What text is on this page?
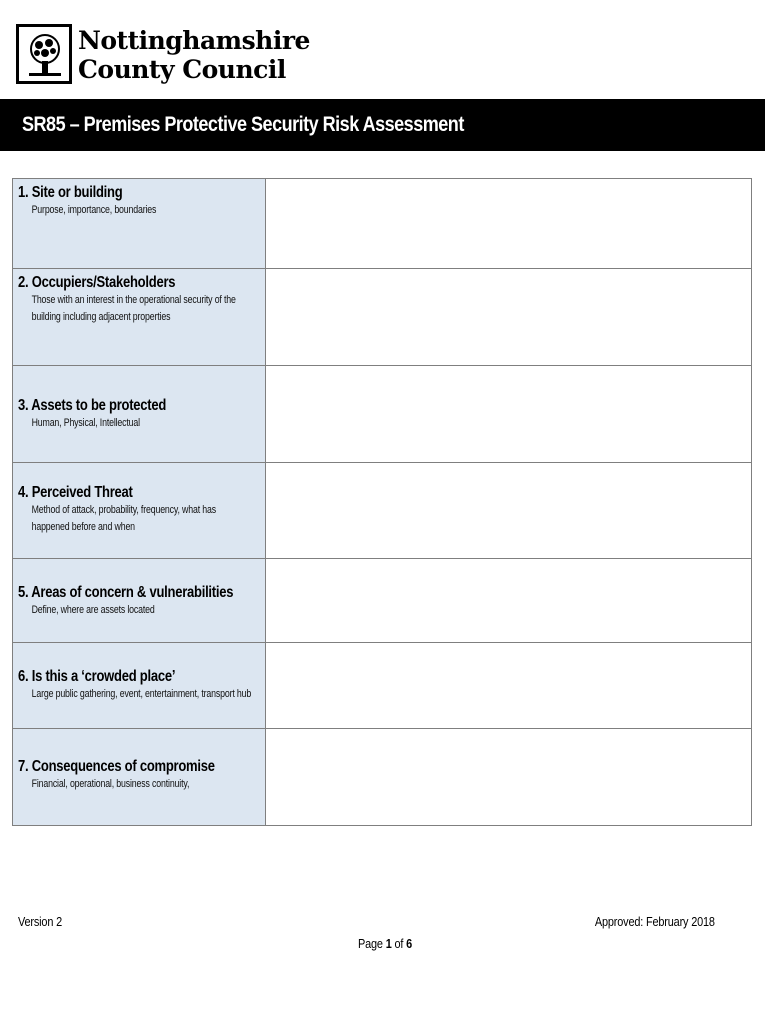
Nottinghamshire
County Council
SR85 – Premises Protective Security Risk Assessment
1. Site or building
Purpose, importance, boundaries	

2. Occupiers/Stakeholders
Those with an interest in the operational security of the building including adjacent properties	

3. Assets to be protected
Human, Physical, Intellectual	

4. Perceived Threat
Method of attack, probability, frequency, what has happened before and when	

5. Areas of concern & vulnerabilities
Define, where are assets located	

6. Is this a ‘crowded place’
Large public gathering, event, entertainment, transport hub	

7. Consequences of compromise
Financial, operational, business continuity,	

Version 2	Approved: February 2018
Page 1 of 6
